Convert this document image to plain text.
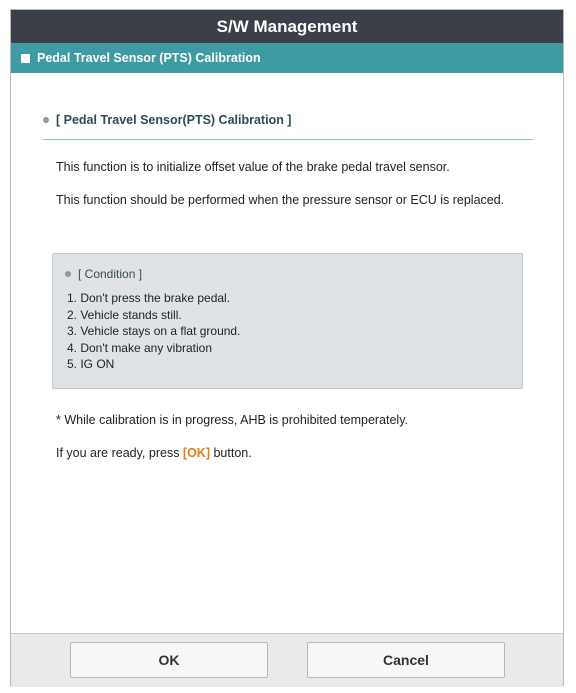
S/W Management
Pedal Travel Sensor (PTS) Calibration
[ Pedal Travel Sensor(PTS) Calibration ]
This function is to initialize offset value of the brake pedal travel sensor.
This function should be performed when the pressure sensor or ECU is replaced.
[ Condition ]
1. Don't press the brake pedal.
2. Vehicle stands still.
3. Vehicle stays on a flat ground.
4. Don't make any vibration
5. IG ON
* While calibration is in progress, AHB is prohibited temperately.
If you are ready, press [OK] button.
OK	Cancel
